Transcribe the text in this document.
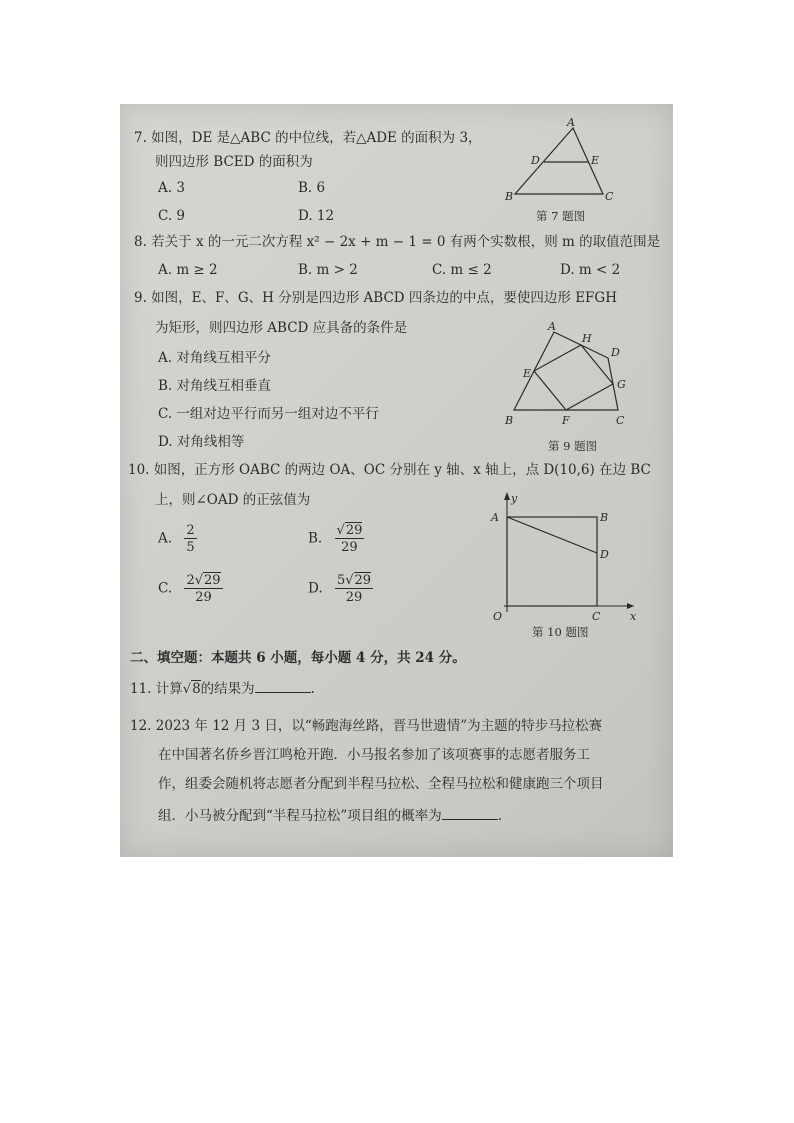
7. 如图，DE 是△ABC 的中位线，若△ADE 的面积为 3，
则四边形 BCED 的面积为
A. 3	B. 6
C. 9	D. 12
A
D	E
B	C
第 7 题图
8. 若关于 x 的一元二次方程 x² − 2x + m − 1 = 0 有两个实数根，则 m 的取值范围是
A. m ≥ 2	B. m > 2	C. m ≤ 2	D. m < 2
9. 如图，E、F、G、H 分别是四边形 ABCD 四条边的中点，要使四边形 EFGH
为矩形，则四边形 ABCD 应具备的条件是
A. 对角线互相平分
B. 对角线互相垂直
C. 一组对边平行而另一组对边不平行
D. 对角线相等
A
H
D
E
G
B	F	C
第 9 题图
10. 如图，正方形 OABC 的两边 OA、OC 分别在 y 轴、x 轴上，点 D(10,6) 在边 BC
上，则∠OAD 的正弦值为
A. $\frac{2}{5}$	B. $\frac{√29}{29}$
C. $\frac{2√29}{29}$	D. $\frac{5√29}{29}$
y
A	B
D
O	C	x
第 10 题图
二、填空题：本题共 6 小题，每小题 4 分，共 24 分。
11. 计算√8的结果为	.
12. 2023 年 12 月 3 日，以“畅跑海丝路，晋马世遗情”为主题的特步马拉松赛
在中国著名侨乡晋江鸣枪开跑．小马报名参加了该项赛事的志愿者服务工
作，组委会随机将志愿者分配到半程马拉松、全程马拉松和健康跑三个项目
组．小马被分配到“半程马拉松”项目组的概率为	.
